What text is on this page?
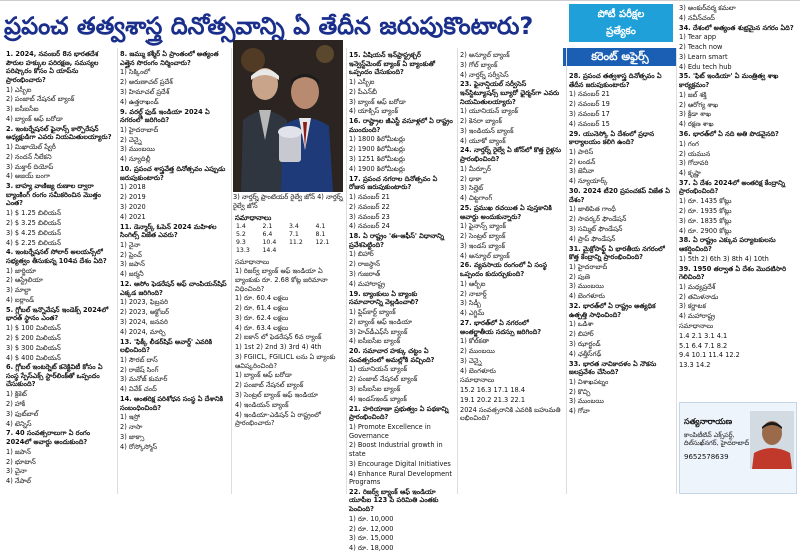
ప్రపంచ తత్వశాస్త్ర దినోత్సవాన్ని ఏ తేదీన జరుపుకొంటారు?	పోటీ పరీక్షల
ప్రత్యేకం
కరెంట్ అఫైర్స్

1. 2024, నవంబర్ 8న భారతదేశ పౌరుల హక్కుల పరిరక్షణ, సమస్యల పరిష్కారం కోసం ఏ యాప్‌ను ప్రారంభించారు?

1) ఎస్బీఐ

2) పంజాబ్ నేషనల్ బ్యాంక్

3) ఐసీఐసీఐ

4) బ్యాంక్ ఆఫ్ బరోడా

2. ఇంటర్నేషనల్ ఫైనాన్స్ కార్పొరేషన్ అధ్యక్షుడిగా ఎవరు నియమితులయ్యారు?

1) మిఖాయెల్ ష్వేరీ

2) నందన్ నీలేకని

3) మక్తార్ దియోప్

4) అజయ్ బంగా

3. బాహ్య వాణిజ్య రుణాల ద్వారా బ్యాంకింగ్ రంగం సమీకరించిన మొత్తం ఎంత?

1) $ 1.25 బిలియన్

2) $ 3.25 బిలియన్

3) $ 4.25 బిలియన్

4) $ 2.25 బిలియన్

4. ఇంటర్నేషనల్ సోలార్ అలయన్స్‌లో సభ్యత్వం తీసుకున్న 104వ దేశం ఏది?

1) జార్జియా

2) ఆస్ట్రేలియా

3) మాల్టా

4) ఐర్లాండ్

5. గ్లోబల్ ఇన్నొవేషన్ ఇండెక్స్ 2024లో భారత్ స్థానం ఎంత?

1) $ 100 మిలియన్

2) $ 200 మిలియన్

3) $ 300 మిలియన్

4) $ 400 మిలియన్

6. గ్లోబల్ ఇంటర్నెట్ కనెక్టివిటీ కోసం ఏ సంస్థ స్పేస్‌ఎక్స్ స్టార్‌లింక్‌తో ఒప్పందం చేసుకుంది?

1) క్రికెట్

2) హాకీ

3) ఫుట్‌బాల్

4) టెన్నిస్

7. 40 సంవత్సరాలుగా ఏ రంగం 2024లో అవార్డు అందుకుంది?

1) జపాన్

2) భూటాన్

3) చైనా

4) నేపాల్

8. జమ్ము కశ్మీర్ ఏ ప్రాంతంలో అత్యంత ఎత్తైన సొరంగం నిర్మించారు?

1) సిక్కింలో

2) అరుణాచల్ ప్రదేశ్

3) హిమాచల్ ప్రదేశ్

4) ఉత్తరాఖండ్

9. వరల్డ్ ఫుడ్ ఇండియా 2024 ఏ నగరంలో జరిగింది?

1) హైదరాబాద్

2) చెన్నై

3) ముంబయి

4) న్యూదిల్లీ

10. ప్రపంచ శాస్త్రవేత్త దినోత్సవం ఎప్పుడు జరుపుకుంటారు?

1) 2018

2) 2019

3) 2020

4) 2021

11. డెన్మార్క్ ఓపెన్ 2024 మహిళల సింగిల్స్ విజేత ఎవరు?

1) నైనా

2) ఫ్రెంచ్

3) జపాన్

4) జర్మనీ

12. అసోం ఫెడరేషన్ ఆఫ్ చాంపియన్‌షిప్ ఎక్కడ జరిగింది?

1) 2023, ఫిబ్రవరి

2) 2023, అక్టోబర్

3) 2024, జనవరి

4) 2024, మార్చి

13. 'ఫిక్కీ లీడర్‌షిప్ అవార్డ్' ఎవరికి లభించింది?

1) సౌరబ్ దాస్

2) రాజేష్ సింగ్

3) మనోజ్ కుమార్

4) వివేక్ చంద్

14. అంతరిక్ష పరిశోధన సంస్థ ఏ దేశానికి సంబంధించింది?

1) ఇస్రో

2) నాసా

3) జాక్సా

4) రోస్కోస్మోస్

3) నార్తర్న్ ఫ్రాంటియర్ రైల్వే జోన్ 4) నార్తర్న్ రైల్వే జోన్
సమాధానాలు
1.4	2.1	3.4	4.1
5.2	6.4	7.1	8.1
9.3	10.4	11.2	12.1
13.3	14.4		

సమాధానాలు

1) రిజర్వ్ బ్యాంక్ ఆఫ్ ఇండియా ఏ బ్యాంకుకు రూ. 2.68 కోట్ల జరిమానా విధించింది?

1) రూ. 60.4 లక్షలు

2) రూ. 61.4 లక్షలు

3) రూ. 62.4 లక్షలు

4) రూ. 63.4 లక్షలు

2) ఐకాన్ లో ఫెడరేషన్ 6వ ర్యాంక్

1) 1st 2) 2nd 3) 3rd 4) 4th

3) FGIICL, FGILICL లను ఏ బ్యాంకు ఆవిష్కరించింది?

1) బ్యాంక్ ఆఫ్ బరోడా

2) పంజాబ్ నేషనల్ బ్యాంక్

3) సెంట్రల్ బ్యాంక్ ఆఫ్ ఇండియా

4) ఇండియన్ బ్యాంక్

4) ఇండియా-ఎడిషన్ ఏ రాష్ట్రంలో ప్రారంభించారు?

15. ఏషియన్ ఇన్‌ఫ్రాస్ట్రక్చర్ ఇన్వెస్ట్‌మెంట్ బ్యాంక్ ఏ బ్యాంకుతో ఒప్పందం చేసుకుంది?

1) ఎస్బీఐ

2) పీఎన్‌బీ

3) బ్యాంక్ ఆఫ్ బరోడా

4) యాక్సిస్ బ్యాంక్

16. రాష్ట్రాల జీఎస్టీ వసూళ్లలో ఏ రాష్ట్రం ముందుంది?

1) 1800 కిలోమీటర్లు

2) 1900 కిలోమీటర్లు

3) 1251 కిలోమీటర్లు

4) 1900 కిలోమీటర్లు

17. ప్రపంచ నగరాల దినోత్సవం ఏ రోజున జరుపుకుంటారు?

1) నవంబర్ 21

2) నవంబర్ 22

3) నవంబర్ 23

4) నవంబర్ 24

18. ఏ రాష్ట్రం 'ఈ-ఆఫీస్' విధానాన్ని ప్రవేశపెట్టింది?

1) బిహార్

2) రాజస్థాన్

3) గుజరాత్

4) మహారాష్ట్ర

19. బ్యాంకులు ఏ బ్యాంకు సమాచారాన్ని వెల్లడించాలి?

1) ఫ్లిప్‌కార్ట్ బ్యాంక్

2) బ్యాంక్ ఆఫ్ ఇండియా

3) హెచ్‌డీఎఫ్‌సీ బ్యాంక్

4) ఐసీఐసీఐ బ్యాంక్

20. సమాచార హక్కు చట్టం ఏ సంవత్సరంలో అమల్లోకి వచ్చింది?

1) యూనియన్ బ్యాంక్

2) పంజాబ్ నేషనల్ బ్యాంక్

3) ఐసీఐసీఐ బ్యాంక్

4) ఇండస్‌ఇండ్ బ్యాంక్

21. హరియాణా ప్రభుత్వం ఏ పథకాన్ని ప్రారంభించింది?

1) Promote Excellence in Governance

2) Boost Industrial growth in state

3) Encourage Digital Initiatives

4) Enhance Rural Development Programs

22. రిజర్వ్ బ్యాంక్ ఆఫ్ ఇండియా యూపీఐ 123 పే పరిమితి ఎంతకు పెంచింది?

1) రూ. 10,000

2) రూ. 12,000

3) రూ. 15,000

4) రూ. 18,000

2) అన్యూల్ బ్యాంక్

3) గోల్ బ్యాంక్

4) నార్తర్న్ సర్వీసెస్

23. ఫైనాన్షియల్ సర్వీసెస్ ఇన్‌స్టిట్యూషన్స్ బ్యూరో ఛైర్మన్‌గా ఎవరు నియమితులయ్యారు?

1) యూనియన్ బ్యాంక్

2) కెనరా బ్యాంక్

3) ఇండియన్ బ్యాంక్

4) యూకో బ్యాంక్

24. నార్తర్న్ రైల్వే ఏ జోన్‌లో కొత్త రైళ్లను ప్రారంభించింది?

1) మీర్పూర్

2) ఢాకా

3) సిల్హెట్

4) చిట్టగాంగ్

25. ప్రముఖ రచయిత ఏ పుస్తకానికి అవార్డు అందుకున్నారు?

1) ఫైనాన్స్ బ్యాంక్

2) సెంట్రల్ బ్యాంక్

3) ఇండస్ బ్యాంక్

4) అన్యూల్ బ్యాంక్

26. వ్యవసాయ రంగంలో ఏ సంస్థ ఒప్పందం కుదుర్చుకుంది?

1) ఆర్బీఐ

2) నాబార్డ్

3) సిడ్బీ

4) ఎగ్జిమ్

27. భారత్‌లో ఏ నగరంలో అంతర్జాతీయ సదస్సు జరిగింది?

1) కోల్‌కతా

2) ముంబయి

3) చెన్నై

4) బెంగళూరు

సమాధానాలు

15.2 16.3 17.1 18.4

19.1 20.2 21.3 22.1

2024 సంవత్సరానికి ఎవరికి బహుమతి లభించింది?

28. ప్రపంచ తత్వశాస్త్ర దినోత్సవం ఏ తేదీన జరుపుకుంటారు?

1) నవంబర్ 21

2) నవంబర్ 19

3) నవంబర్ 17

4) నవంబర్ 15

29. యునెస్కో ఏ దేశంలో ప్రధాన కార్యాలయం కలిగి ఉంది?

1) పారిస్

2) లండన్

3) జెనీవా

4) న్యూయార్క్

30. 2024 టీ20 ప్రపంచకప్ విజేత ఏ దేశం?

1) జాతిపిత గాంధీ

2) సావర్కర్ ఫౌండేషన్

3) సమ్మిట్ ఫౌండేషన్

4) ప్రాప్ ఫౌండేషన్

31. మైక్రోసాఫ్ట్ ఏ భారతీయ నగరంలో కొత్త కేంద్రాన్ని ప్రారంభించింది?

1) హైదరాబాద్

2) పుణె

3) ముంబయి

4) బెంగళూరు

32. భారత్‌లో ఏ రాష్ట్రం అత్యధిక ఉత్పత్తి సాధించింది?

1) ఒడిశా

2) బిహార్

3) ఝార్ఖండ్

4) ఛత్తీస్‌గఢ్

33. భారత నావికాదళం ఏ నౌకను జలప్రవేశం చేసింది?

1) విశాఖపట్నం

2) కొచ్చి

3) ముంబయి

4) గోవా

3) అంకుర్‌వర్మ కమలా

4) నవీన్‌చంద్

34. దేశంలో అత్యంత శుభ్రమైన నగరం ఏది?

1) Tear app

2) Teach now

3) Learn smart

4) Edu tech hub

35. 'ఫిట్ ఇండియా' ఏ మంత్రిత్వ శాఖ కార్యక్రమం?

1) జల్ శక్తి

2) ఆరోగ్య శాఖ

3) క్రీడా శాఖ

4) రక్షణ శాఖ

36. భారత్‌లో ఏ నది అతి పొడవైనది?

1) గంగ

2) యమున

3) గోదావరి

4) కృష్ణా

37. ఏ దేశం 2024లో అంతరిక్ష కేంద్రాన్ని ప్రారంభించింది?

1) రూ. 1435 కోట్లు

2) రూ. 1935 కోట్లు

3) రూ. 1835 కోట్లు

4) రూ. 2900 కోట్లు

38. ఏ రాష్ట్రం ఎక్కువ పర్యాటకులను ఆకర్షించింది?

1) 5th 2) 6th 3) 8th 4) 10th

39. 1950 తర్వాత ఏ దేశం మొదటిసారి గెలిచింది?

1) మధ్యప్రదేశ్

2) తమిళనాడు

3) కర్ణాటక

4) మహారాష్ట్ర

సమాధానాలు

1.4 2.1 3.1 4.1

5.1 6.4 7.1 8.2

9.4 10.1 11.4 12.2

13.3 14.2

సత్యనారాయణ
కాంపిటీటివ్ ఎక్స్‌పర్ట్, దిల్‌సుఖ్‌నగర్, హైదరాబాద్
9652578639
